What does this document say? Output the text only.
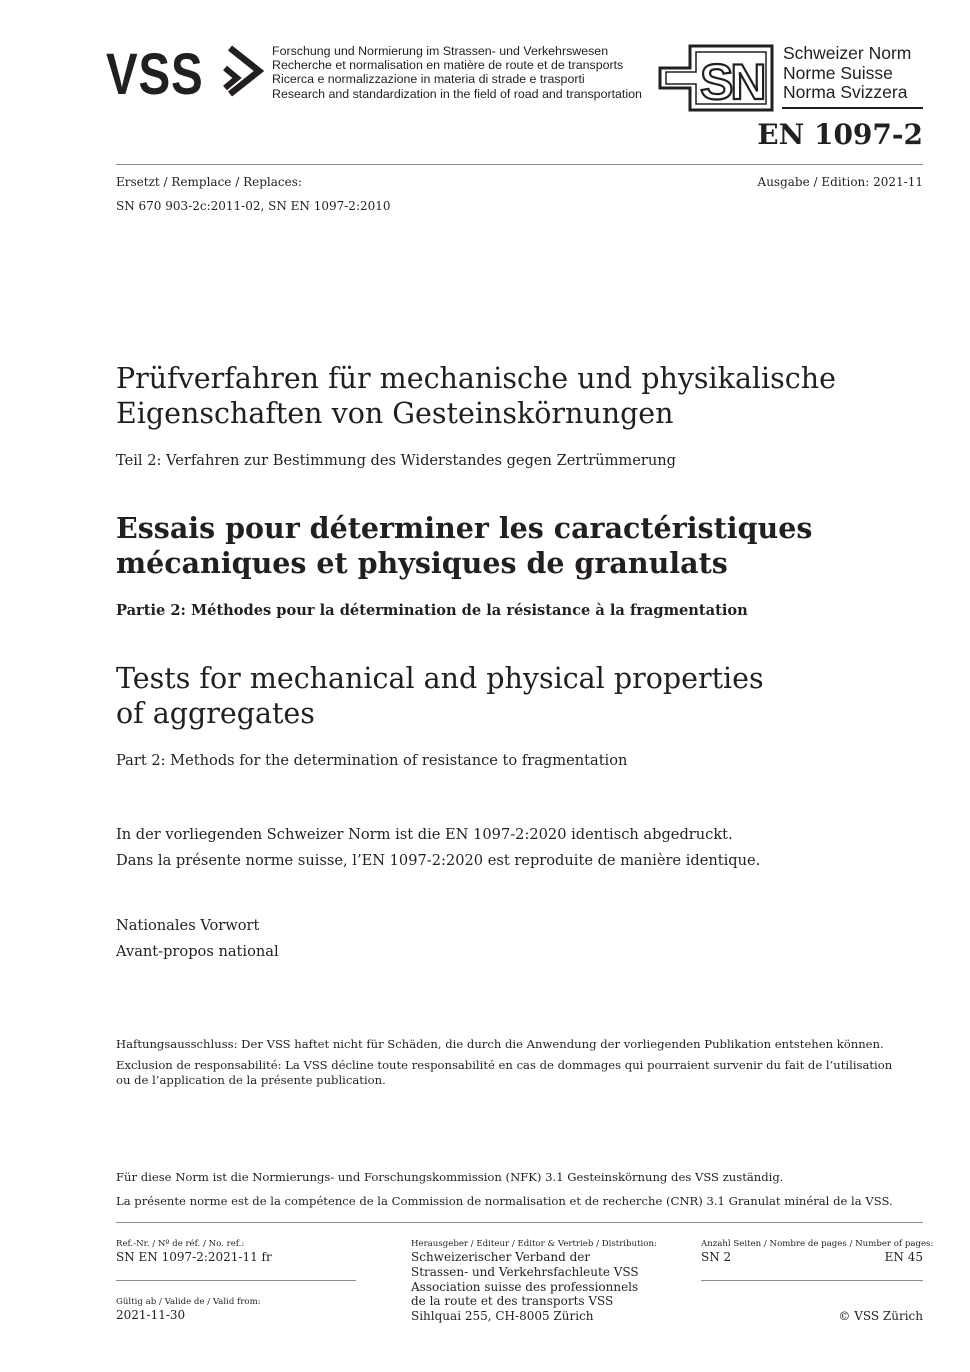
VSS	Forschung und Normierung im Strassen- und Verkehrswesen
Recherche et normalisation en matière de route et de transports
Ricerca e normalizzazione in materia di strade e trasporti
Research and standardization in the field of road and transportation SN
Schweizer Norm
Norme Suisse
Norma Svizzera
EN 1097-2
Ersetzt / Remplace / Replaces:	Ausgabe / Edition: 2021-11
SN 670 903-2c:2011-02, SN EN 1097-2:2010
Prüfverfahren für mechanische und physikalische
Eigenschaften von Gesteinskörnungen
Teil 2: Verfahren zur Bestimmung des Widerstandes gegen Zertrümmerung
Essais pour déterminer les caractéristiques
mécaniques et physiques de granulats
Partie 2: Méthodes pour la détermination de la résistance à la fragmentation
Tests for mechanical and physical properties
of aggregates
Part 2: Methods for the determination of resistance to fragmentation
In der vorliegenden Schweizer Norm ist die EN 1097-2:2020 identisch abgedruckt.
Dans la présente norme suisse, l’EN 1097-2:2020 est reproduite de manière identique.
Nationales Vorwort
Avant-propos national
Haftungsausschluss: Der VSS haftet nicht für Schäden, die durch die Anwendung der vorliegenden Publikation entstehen können.
Exclusion de responsabilité: La VSS décline toute responsabilité en cas de dommages qui pourraient survenir du fait de l’utilisation
ou de l’application de la présente publication.
Für diese Norm ist die Normierungs- und Forschungskommission (NFK) 3.1 Gesteinskörnung des VSS zuständig.
La présente norme est de la compétence de la Commission de normalisation et de recherche (CNR) 3.1 Granulat minéral de la VSS.
Ref.-Nr. / Nº de réf. / No. ref.:
SN EN 1097-2:2021-11 fr
Gültig ab / Valide de / Valid from:
2021-11-30
Herausgeber / Editeur / Editor & Vertrieb / Distribution:
Schweizerischer Verband der
Strassen- und Verkehrsfachleute VSS
Association suisse des professionnels
de la route et des transports VSS
Sihlquai 255, CH-8005 Zürich
Anzahl Seiten / Nombre de pages / Number of pages:
SN 2	EN 45
© VSS Zürich
